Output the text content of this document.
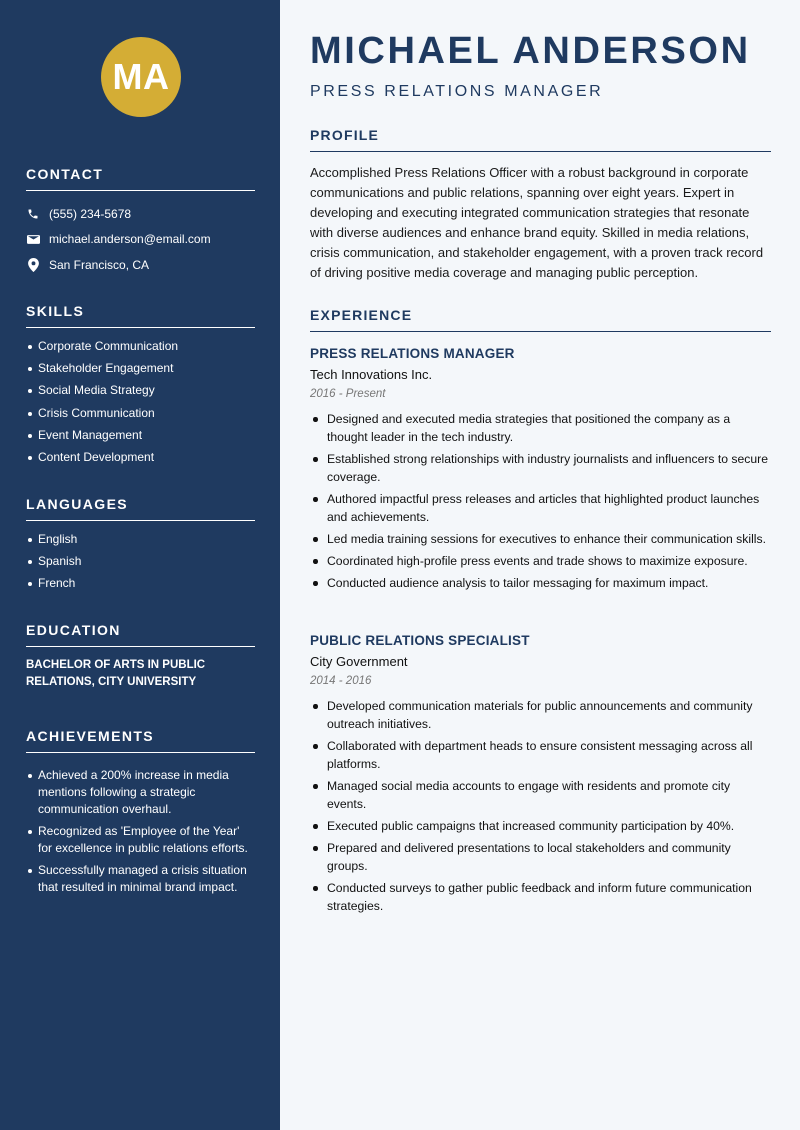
MA
CONTACT
(555) 234-5678
michael.anderson@email.com
San Francisco, CA
SKILLS
Corporate Communication
Stakeholder Engagement
Social Media Strategy
Crisis Communication
Event Management
Content Development
LANGUAGES
English
Spanish
French
EDUCATION
BACHELOR OF ARTS IN PUBLIC RELATIONS, CITY UNIVERSITY
ACHIEVEMENTS
Achieved a 200% increase in media mentions following a strategic communication overhaul.
Recognized as 'Employee of the Year' for excellence in public relations efforts.
Successfully managed a crisis situation that resulted in minimal brand impact.
MICHAEL ANDERSON
PRESS RELATIONS MANAGER
PROFILE
Accomplished Press Relations Officer with a robust background in corporate communications and public relations, spanning over eight years. Expert in developing and executing integrated communication strategies that resonate with diverse audiences and enhance brand equity. Skilled in media relations, crisis communication, and stakeholder engagement, with a proven track record of driving positive media coverage and managing public perception.
EXPERIENCE
PRESS RELATIONS MANAGER
Tech Innovations Inc.
2016 - Present
Designed and executed media strategies that positioned the company as a thought leader in the tech industry.
Established strong relationships with industry journalists and influencers to secure coverage.
Authored impactful press releases and articles that highlighted product launches and achievements.
Led media training sessions for executives to enhance their communication skills.
Coordinated high-profile press events and trade shows to maximize exposure.
Conducted audience analysis to tailor messaging for maximum impact.
PUBLIC RELATIONS SPECIALIST
City Government
2014 - 2016
Developed communication materials for public announcements and community outreach initiatives.
Collaborated with department heads to ensure consistent messaging across all platforms.
Managed social media accounts to engage with residents and promote city events.
Executed public campaigns that increased community participation by 40%.
Prepared and delivered presentations to local stakeholders and community groups.
Conducted surveys to gather public feedback and inform future communication strategies.
